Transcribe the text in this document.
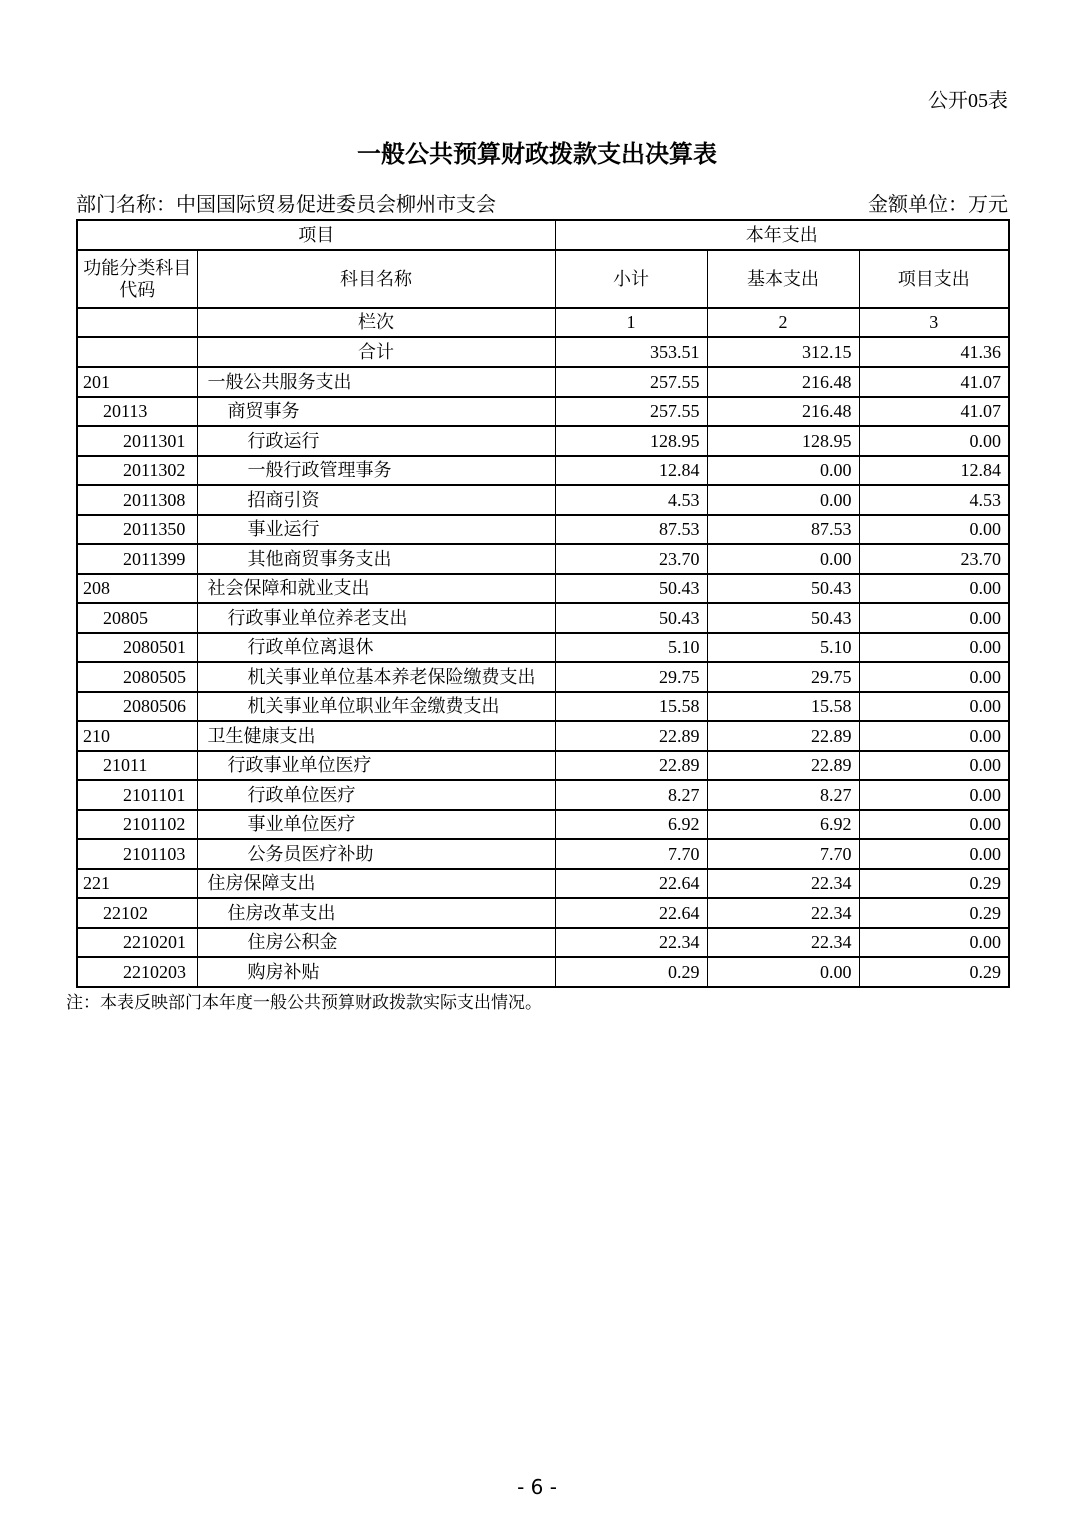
公开05表
一般公共预算财政拨款支出决算表
部门名称：中国国际贸易促进委员会柳州市支会	金额单位：万元
项目		本年支出		
功能分类科目代码	科目名称	小计	基本支出	项目支出
	栏次	1	2	3
	合计	353.51	312.15	41.36
201	一般公共服务支出	257.55	216.48	41.07
20113	商贸事务	257.55	216.48	41.07
2011301	行政运行	128.95	128.95	0.00
2011302	一般行政管理事务	12.84	0.00	12.84
2011308	招商引资	4.53	0.00	4.53
2011350	事业运行	87.53	87.53	0.00
2011399	其他商贸事务支出	23.70	0.00	23.70
208	社会保障和就业支出	50.43	50.43	0.00
20805	行政事业单位养老支出	50.43	50.43	0.00
2080501	行政单位离退休	5.10	5.10	0.00
2080505	机关事业单位基本养老保险缴费支出	29.75	29.75	0.00
2080506	机关事业单位职业年金缴费支出	15.58	15.58	0.00
210	卫生健康支出	22.89	22.89	0.00
21011	行政事业单位医疗	22.89	22.89	0.00
2101101	行政单位医疗	8.27	8.27	0.00
2101102	事业单位医疗	6.92	6.92	0.00
2101103	公务员医疗补助	7.70	7.70	0.00
221	住房保障支出	22.64	22.34	0.29
22102	住房改革支出	22.64	22.34	0.29
2210201	住房公积金	22.34	22.34	0.00
2210203	购房补贴	0.29	0.00	0.29
注：本表反映部门本年度一般公共预算财政拨款实际支出情况。
- 6 -
